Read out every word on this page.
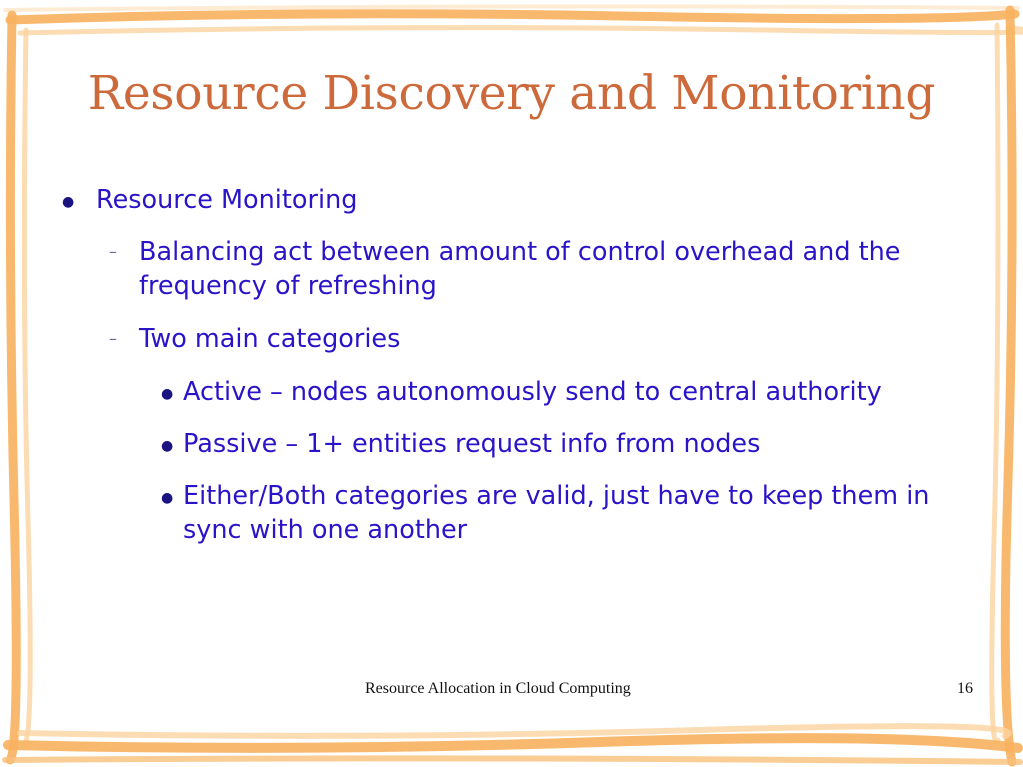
Resource Discovery and Monitoring
● Resource Monitoring
– Balancing act between amount of control overhead and the frequency of refreshing
– Two main categories
● Active – nodes autonomously send to central authority
● Passive – 1+ entities request info from nodes
● Either/Both categories are valid, just have to keep them in sync with one another
Resource Allocation in Cloud Computing	16
